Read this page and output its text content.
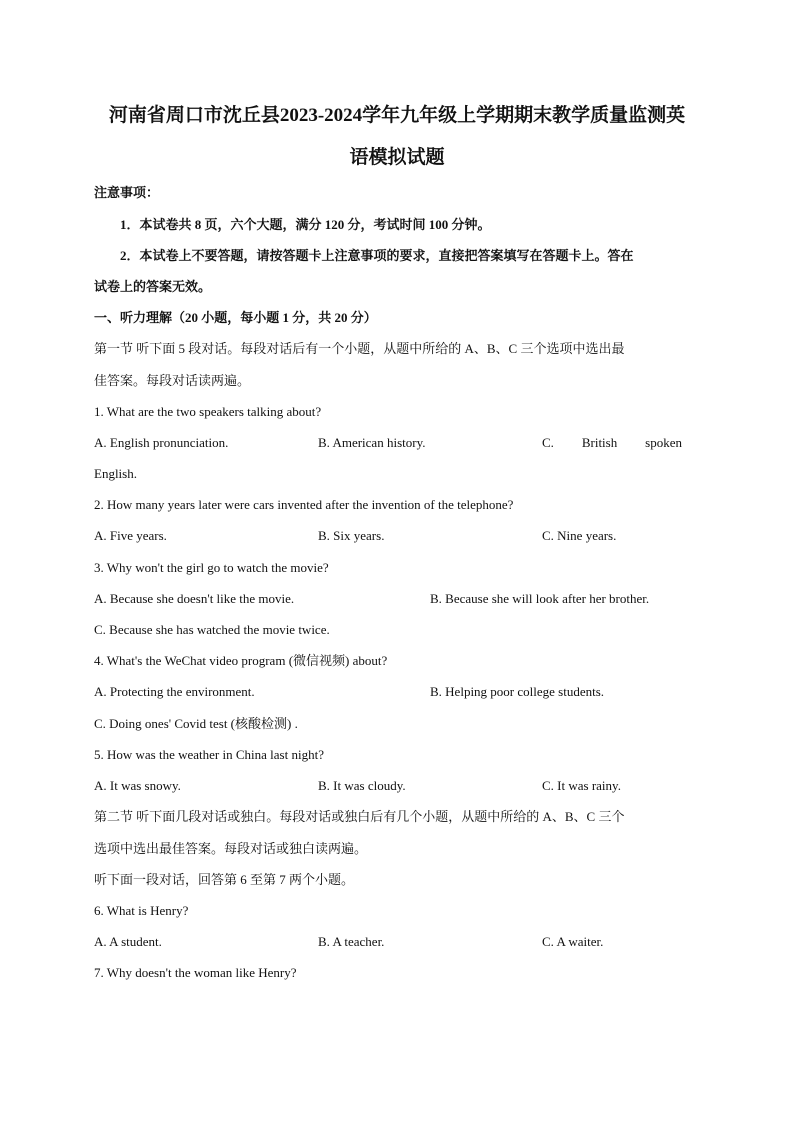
河南省周口市沈丘县2023-2024学年九年级上学期期末教学质量监测英
语模拟试题
注意事项：
1．本试卷共 8 页，六个大题，满分 120 分，考试时间 100 分钟。
2．本试卷上不要答题，请按答题卡上注意事项的要求，直接把答案填写在答题卡上。答在
试卷上的答案无效。
一、听力理解（20 小题，每小题 1 分，共 20 分）
第一节 听下面 5 段对话。每段对话后有一个小题，从题中所给的 A、B、C 三个选项中选出最
佳答案。每段对话读两遍。
1. What are the two speakers talking about?
A. English pronunciation.	B. American history.	C. British spoken
English.
2. How many years later were cars invented after the invention of the telephone?
A. Five years.	B. Six years.	C. Nine years.
3. Why won't the girl go to watch the movie?
A. Because she doesn't like the movie.	B. Because she will look after her brother.
C. Because she has watched the movie twice.
4. What's the WeChat video program (微信视频) about?
A. Protecting the environment.	B. Helping poor college students.
C. Doing ones' Covid test (核酸检测) .
5. How was the weather in China last night?
A. It was snowy.	B. It was cloudy.	C. It was rainy.
第二节 听下面几段对话或独白。每段对话或独白后有几个小题，从题中所给的 A、B、C 三个
选项中选出最佳答案。每段对话或独白读两遍。
听下面一段对话，回答第 6 至第 7 两个小题。
6. What is Henry?
A. A student.	B. A teacher.	C. A waiter.
7. Why doesn't the woman like Henry?
